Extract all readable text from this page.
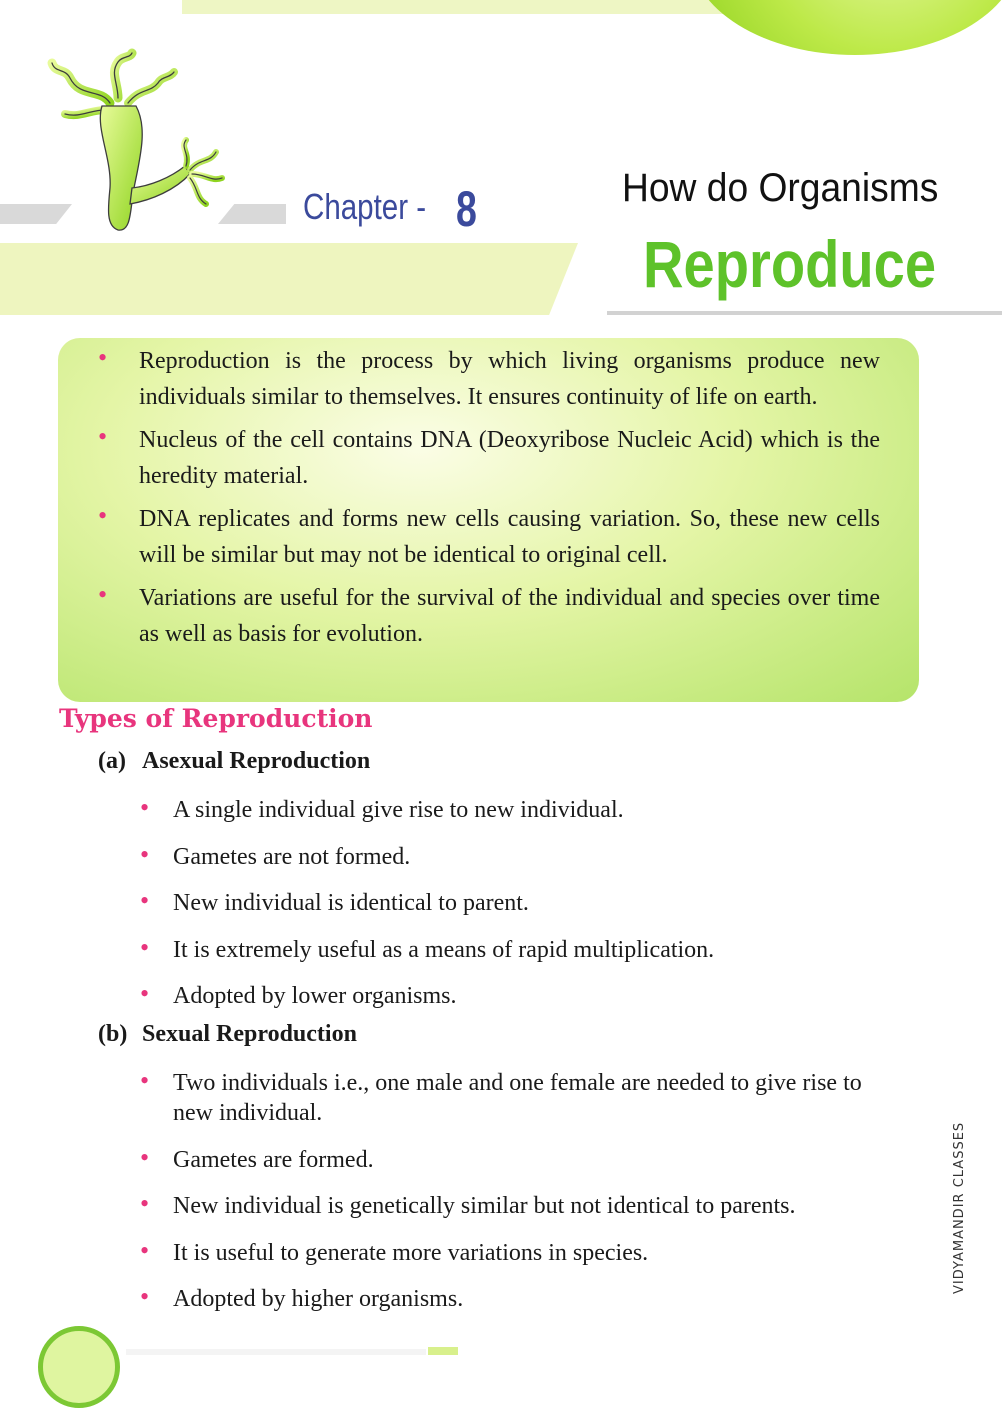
Chapter - 8	How do Organisms
Reproduce
• Reproduction is the process by which living organisms produce new individuals similar to themselves. It ensures continuity of life on earth.
• Nucleus of the cell contains DNA (Deoxyribose Nucleic Acid) which is the heredity material.
• DNA replicates and forms new cells causing variation. So, these new cells will be similar but may not be identical to original cell.
• Variations are useful for the survival of the individual and species over time as well as basis for evolution.
Types of Reproduction
(a) Asexual Reproduction
• A single individual give rise to new individual.
• Gametes are not formed.
• New individual is identical to parent.
• It is extremely useful as a means of rapid multiplication.
• Adopted by lower organisms.
(b) Sexual Reproduction
• Two individuals i.e., one male and one female are needed to give rise to new individual.
• Gametes are formed.
• New individual is genetically similar but not identical to parents.
• It is useful to generate more variations in species.
• Adopted by higher organisms.
VIDYAMANDIR CLASSES
